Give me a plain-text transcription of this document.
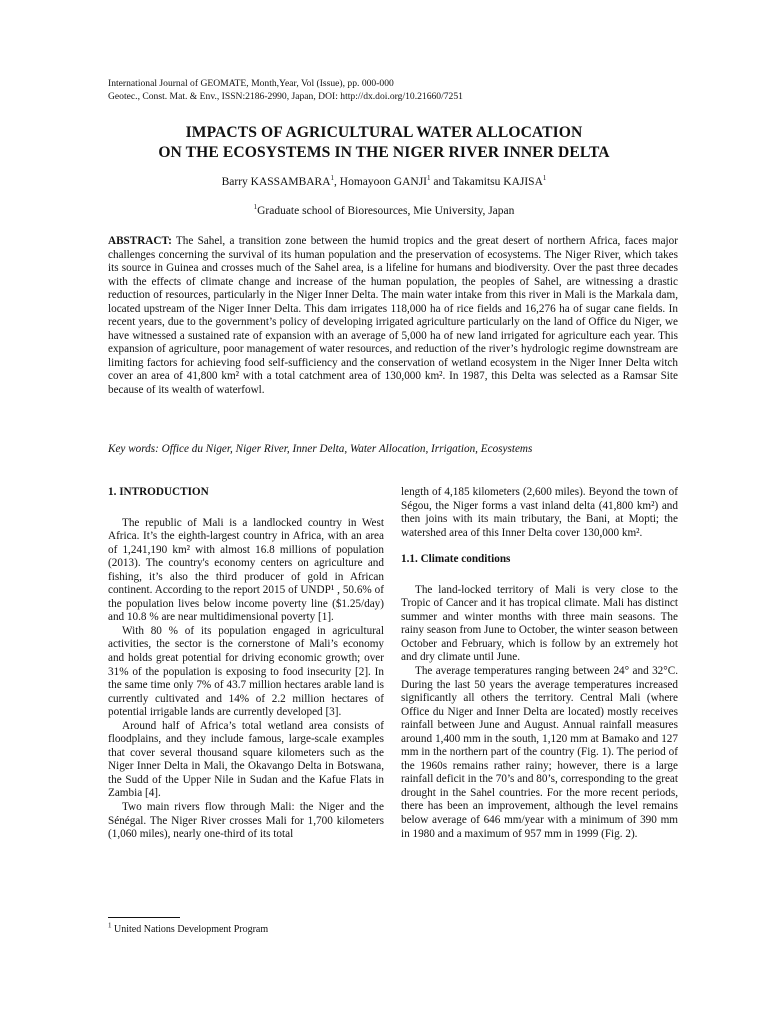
International Journal of GEOMATE, Month,Year, Vol (Issue), pp. 000-000
Geotec., Const. Mat. & Env., ISSN:2186-2990, Japan, DOI: http://dx.doi.org/10.21660/7251
IMPACTS OF AGRICULTURAL WATER ALLOCATION
ON THE ECOSYSTEMS IN THE NIGER RIVER INNER DELTA
Barry KASSAMBARA$^1$, Homayoon GANJI$^1$ and Takamitsu KAJISA$^1$
$^1$Graduate school of Bioresources, Mie University, Japan

ABSTRACT: The Sahel, a transition zone between the humid tropics and the great desert of northern Africa, faces major challenges concerning the survival of its human population and the preservation of ecosystems. The Niger River, which takes its source in Guinea and crosses much of the Sahel area, is a lifeline for humans and biodiversity. Over the past three decades with the effects of climate change and increase of the human population, the peoples of Sahel, are witnessing a drastic reduction of resources, particularly in the Niger Inner Delta. The main water intake from this river in Mali is the Markala dam, located upstream of the Niger Inner Delta. This dam irrigates 118,000 ha of rice fields and 16,276 ha of sugar cane fields. In recent years, due to the government’s policy of developing irrigated agriculture particularly on the land of Office du Niger, we have witnessed a sustained rate of expansion with an average of 5,000 ha of new land irrigated for agriculture each year. This expansion of agriculture, poor management of water resources, and reduction of the river’s hydrologic regime downstream are limiting factors for achieving food self-sufficiency and the conservation of wetland ecosystem in the Niger Inner Delta witch cover an area of 41,800 km² with a total catchment area of 130,000 km². In 1987, this Delta was selected as a Ramsar Site because of its wealth of waterfowl.

Key words: Office du Niger, Niger River, Inner Delta, Water Allocation, Irrigation, Ecosystems

1. INTRODUCTION

The republic of Mali is a landlocked country in West Africa. It’s the eighth-largest country in Africa, with an area of 1,241,190 km² with almost 16.8 millions of population (2013). The country's economy centers on agriculture and fishing, it’s also the third producer of gold in African continent. According to the report 2015 of UNDP¹ , 50.6% of the population lives below income poverty line ($1.25/day) and 10.8 % are near multidimensional poverty [1].

With 80 % of its population engaged in agricultural activities, the sector is the cornerstone of Mali’s economy and holds great potential for driving economic growth; over 31% of the population is exposing to food insecurity [2]. In the same time only 7% of 43.7 million hectares arable land is currently cultivated and 14% of 2.2 million hectares of potential irrigable lands are currently developed [3].

Around half of Africa’s total wetland area consists of floodplains, and they include famous, large-scale examples that cover several thousand square kilometers such as the Niger Inner Delta in Mali, the Okavango Delta in Botswana, the Sudd of the Upper Nile in Sudan and the Kafue Flats in Zambia [4].

Two main rivers flow through Mali: the Niger and the Sénégal. The Niger River crosses Mali for 1,700 kilometers (1,060 miles), nearly one-third of its total

length of 4,185 kilometers (2,600 miles). Beyond the town of Ségou, the Niger forms a vast inland delta (41,800 km²) and then joins with its main tributary, the Bani, at Mopti; the watershed area of this Inner Delta cover 130,000 km².

1.1. Climate conditions

The land-locked territory of Mali is very close to the Tropic of Cancer and it has tropical climate. Mali has distinct summer and winter months with three main seasons. The rainy season from June to October, the winter season between October and February, which is follow by an extremely hot and dry climate until June.

The average temperatures ranging between 24° and 32°C. During the last 50 years the average temperatures increased significantly all others the territory. Central Mali (where Office du Niger and Inner Delta are located) mostly receives rainfall between June and August. Annual rainfall measures around 1,400 mm in the south, 1,120 mm at Bamako and 127 mm in the northern part of the country (Fig. 1). The period of the 1960s remains rather rainy; however, there is a large rainfall deficit in the 70’s and 80’s, corresponding to the great drought in the Sahel countries. For the more recent periods, there has been an improvement, although the level remains below average of 646 mm/year with a minimum of 390 mm in 1980 and a maximum of 957 mm in 1999 (Fig. 2).

$^1$ United Nations Development Program
